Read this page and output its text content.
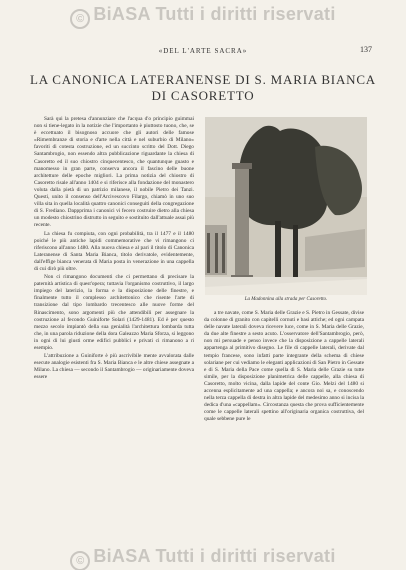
© BiASA Tutti i diritti riservati
«DEL L'ARTE SACRA»	137
LA CANONICA LATERANENSE DI S. MARIA BIANCA
DI CASORETTO

Sarà qui la pretesa d'annunziare che l'acqua d'o principio guimmai non si tiene-legato in la notizie che l'importanto è piuttosto tuono, che, se è eccettuato il bisognoso accuore che gli autori delle famose «Rimembranze di storia e d'arte nella città e nel suburbio di Milano» favoriti di cotesta costruzione, ed un succinto scritto del Dott. Diego Santambrogio, non essendo altra pubblicazione riguardante la chiesa di Casoretto ed il suo chiostro cinquecentesco, che quantunque guasto e manomesso in gran parte, conserva ancora il fascino delle buone architetture delle epoche migliori. La prima notizia del chiostro di Casoretto risale all'anno 1404 e si riferisce alla fondazione del monastero voluta dalla pietà di un patrizio milanese, il nobile Pietro dei Tanzi. Questi, unito il consenso dell'Arcivescovo Filargo, chiamò in uno suo villa sita in quella località quattro canonici conseguiti della congregazione di S. Frediano. Dappprima i canonici vi fecero costruire dietro alla chiesa un modesto chiostrino distrutto in seguito e sostituito dall'attuale assai più recente.

La chiesa fu compiuta, con ogni probabilità, tra il 1477 e il 1480 poiché le più antiche lapidi commemorative che vi rimangono ci riferiscono all'anno 1480. Alla nuova chiesa e al pari il titolo di Canonica Lateranense di Santa Maria Bianca, titolo derivatole, evidentemente, dall'effige bianca venerata di Maria posta in venerazione in una cappella di cui dirò più oltre.

Non ci rimangono documenti che ci permettano di precisare la paternità artistica di quest'opera; tuttavia l'organismo costruttivo, il largo impiego del laterizio, la forma e la disposizione delle finestre, e finalmente tutto il complesso architettonico che risente l'arte di transizione dal tipo lombardo trecentesco alle nuove forme del Rinascimento, sono argomenti più che attendibili per assegnare la costruzione al fecondo Guiniforte Solari (1429-1481). Ed è per questo mezzo secolo impiantò della sua genialità l'architettura lombarda tutta che, in una parola riduzione della dora Galeazzo Maria Sforza, si leggono in ogni di lui giusti orme edifici pubblici e privati ci rimanono a ri esempio.

L'attribuzione a Guiniforte è più ascrivibile mente avvalorata dalle esecute analogie esistenti fra S. Maria Bianca e le altre chiese assegnate a Milano. La chiesa — secondo il Santambrogio — originariamente doveva essere

La Madonnina alla strada per Casoretto.

a tre navate, come S. Maria delle Grazie e S. Pietro in Gessate, divise da colonne di granito con capitelli cornuti e basi attiche; ed ogni campata delle navate laterali doveva ricevere luce, come in S. Maria delle Grazie, da due alte finestre a sesto acuto. L'osservatore dell'Santambrogio, però, non mi persuade e penso invece che la disposizione a cappelle laterali appartenga al primitivo disegno. Le file di cappelle laterali, derivate dal tempio francese, sono infatti parte integrante della schema di chiese solariane per cui vediamo le eleganti applicazioni di San Pietro in Gessate e di S. Maria della Pace come quella di S. Maria delle Grazie su tutte simile, per la disposizione planimetrica delle cappelle, alla chiesa di Casoretto, molto vicina, dalla lapide del conte Gio. Melzi del 1480 si accenna esplicitamente ad una cappella; e ancora noi sa, e conoscendo nella terza cappella di destra in altra lapide del medesimo anno si incisa la dedica d'una «cappellam». Circostanza questa che prova sufficientemente come le cappelle laterali spettino all'originaria organica costruttiva, del quale sebbene pure le

© BiASA Tutti i diritti riservati
